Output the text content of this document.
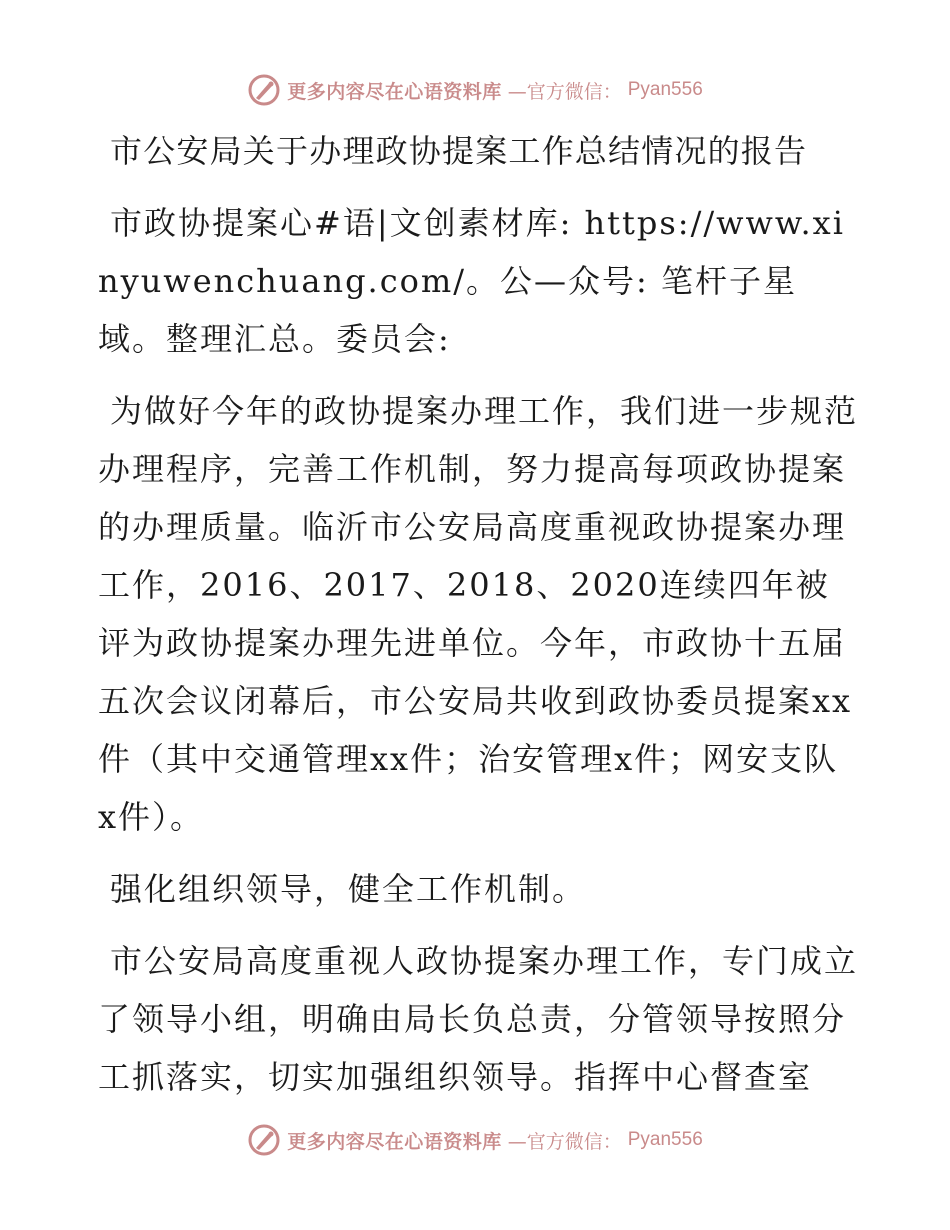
更多内容尽在心语资料库 —官方微信： Pyan556
市公安局关于办理政协提案工作总结情况的报告

市政协提案心#语|文创素材库: https://www.xinyuwenchuang.com/。公—众号: 笔杆子星域。整理汇总。委员会:

为做好今年的政协提案办理工作，我们进一步规范办理程序，完善工作机制，努力提高每项政协提案的办理质量。临沂市公安局高度重视政协提案办理工作，2016、2017、2018、2020连续四年被评为政协提案办理先进单位。今年，市政协十五届五次会议闭幕后，市公安局共收到政协委员提案xx件（其中交通管理xx件；治安管理x件；网安支队x件）。

强化组织领导，健全工作机制。

市公安局高度重视人政协提案办理工作，专门成立了领导小组，明确由局长负总责，分管领导按照分工抓落实，切实加强组织领导。指挥中心督查室

更多内容尽在心语资料库 —官方微信： Pyan556
